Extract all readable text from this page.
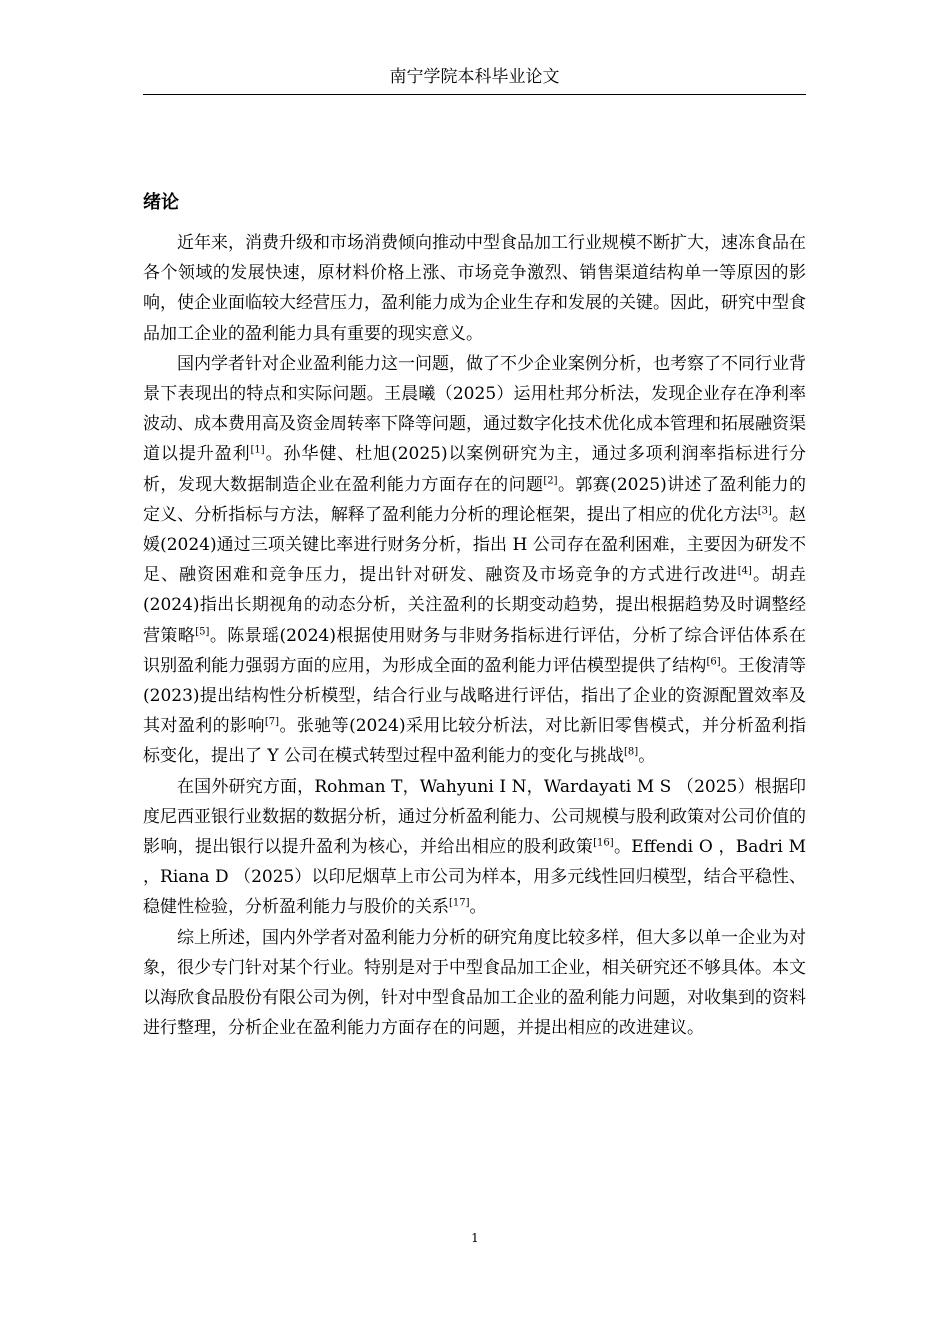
南宁学院本科毕业论文
绪论

近年来，消费升级和市场消费倾向推动中型食品加工行业规模不断扩大，速冻食品在各个领域的发展快速，原材料价格上涨、市场竞争激烈、销售渠道结构单一等原因的影响，使企业面临较大经营压力，盈利能力成为企业生存和发展的关键。因此，研究中型食品加工企业的盈利能力具有重要的现实意义。

国内学者针对企业盈利能力这一问题，做了不少企业案例分析，也考察了不同行业背景下表现出的特点和实际问题。王晨曦（2025）运用杜邦分析法，发现企业存在净利率波动、成本费用高及资金周转率下降等问题，通过数字化技术优化成本管理和拓展融资渠道以提升盈利[1]。孙华健、杜旭(2025)以案例研究为主，通过多项利润率指标进行分析，发现大数据制造企业在盈利能力方面存在的问题[2]。郭赛(2025)讲述了盈利能力的定义、分析指标与方法，解释了盈利能力分析的理论框架，提出了相应的优化方法[3]。赵媛(2024)通过三项关键比率进行财务分析，指出 H 公司存在盈利困难，主要因为研发不足、融资困难和竞争压力，提出针对研发、融资及市场竞争的方式进行改进[4]。胡垚(2024)指出长期视角的动态分析，关注盈利的长期变动趋势，提出根据趋势及时调整经营策略[5]。陈景瑶(2024)根据使用财务与非财务指标进行评估，分析了综合评估体系在识别盈利能力强弱方面的应用，为形成全面的盈利能力评估模型提供了结构[6]。王俊清等(2023)提出结构性分析模型，结合行业与战略进行评估，指出了企业的资源配置效率及其对盈利的影响[7]。张驰等(2024)采用比较分析法，对比新旧零售模式，并分析盈利指标变化，提出了 Y 公司在模式转型过程中盈利能力的变化与挑战[8]。

在国外研究方面，Rohman T，Wahyuni I N，Wardayati M S （2025）根据印度尼西亚银行业数据的数据分析，通过分析盈利能力、公司规模与股利政策对公司价值的影响，提出银行以提升盈利为核心，并给出相应的股利政策[16]。Effendi O ，Badri M ，Riana D （2025）以印尼烟草上市公司为样本，用多元线性回归模型，结合平稳性、稳健性检验，分析盈利能力与股价的关系[17]。

综上所述，国内外学者对盈利能力分析的研究角度比较多样，但大多以单一企业为对象，很少专门针对某个行业。特别是对于中型食品加工企业，相关研究还不够具体。本文以海欣食品股份有限公司为例，针对中型食品加工企业的盈利能力问题，对收集到的资料进行整理，分析企业在盈利能力方面存在的问题，并提出相应的改进建议。

1
